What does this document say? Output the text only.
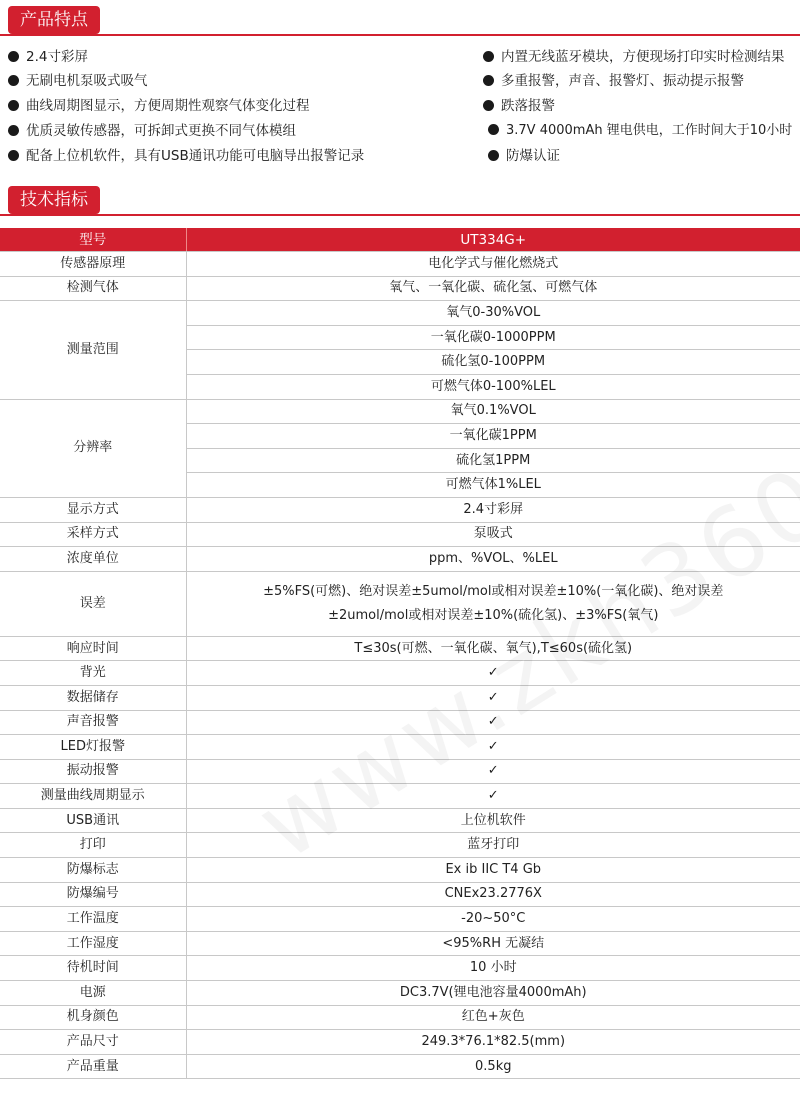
产品特点
2.4寸彩屏
无刷电机泵吸式吸气
曲线周期图显示，方便周期性观察气体变化过程
优质灵敏传感器，可拆卸式更换不同气体模组
配备上位机软件，具有USB通讯功能可电脑导出报警记录
内置无线蓝牙模块，方便现场打印实时检测结果
多重报警，声音、报警灯、振动提示报警
跌落报警
3.7V 4000mAh 锂电供电，工作时间大于10小时
防爆认证
技术指标
型号	UT334G+
传感器原理	电化学式与催化燃烧式
检测气体	氧气、一氧化碳、硫化氢、可燃气体
测量范围	氧气0-30%VOL
	一氧化碳0-1000PPM
	硫化氢0-100PPM
	可燃气体0-100%LEL
分辨率	氧气0.1%VOL
	一氧化碳1PPM
	硫化氢1PPM
	可燃气体1%LEL
显示方式	2.4寸彩屏
采样方式	泵吸式
浓度单位	ppm、%VOL、%LEL
误差	±5%FS(可燃)、绝对误差±5umol/mol或相对误差±10%(一氧化碳)、绝对误差
±2umol/mol或相对误差±10%(硫化氢)、±3%FS(氧气)

响应时间	T≤30s(可燃、一氧化碳、氧气),T≤60s(硫化氢)
背光	✓
数据储存	✓
声音报警	✓
LED灯报警	✓
振动报警	✓
测量曲线周期显示	✓
USB通讯	上位机软件
打印	蓝牙打印
防爆标志	Ex ib IIC T4 Gb
防爆编号	CNEx23.2776X
工作温度	-20~50°C
工作湿度	<95%RH 无凝结
待机时间	10 小时
电源	DC3.7V(锂电池容量4000mAh)
机身颜色	红色+灰色
产品尺寸	249.3*76.1*82.5(mm)
产品重量	0.5kg
